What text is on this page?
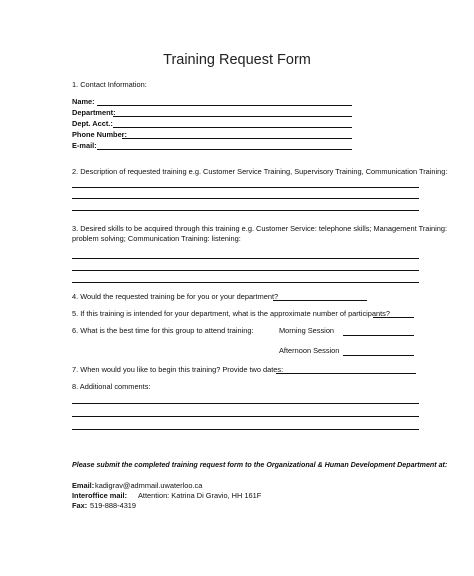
Training Request Form
1. Contact Information:
Name:
Department:
Dept. Acct.:
Phone Number:
E-mail:
2. Description of requested training e.g. Customer Service Training, Supervisory Training, Communication Training:
3. Desired skills to be acquired through this training e.g. Customer Service: telephone skills; Management Training:
problem solving; Communication Training: listening:
4. Would the requested training be for you or your department?
5. If this training is intended for your department, what is the approximate number of participants?
6. What is the best time for this group to attend training:	Morning Session
Afternoon Session
7. When would you like to begin this training? Provide two dates:
8. Additional comments:
Please submit the completed training request form to the Organizational & Human Development Department at:
Email: kadigrav@admmail.uwaterloo.ca
Interoffice mail: Attention: Katrina Di Gravio, HH 161F
Fax: 519-888-4319
